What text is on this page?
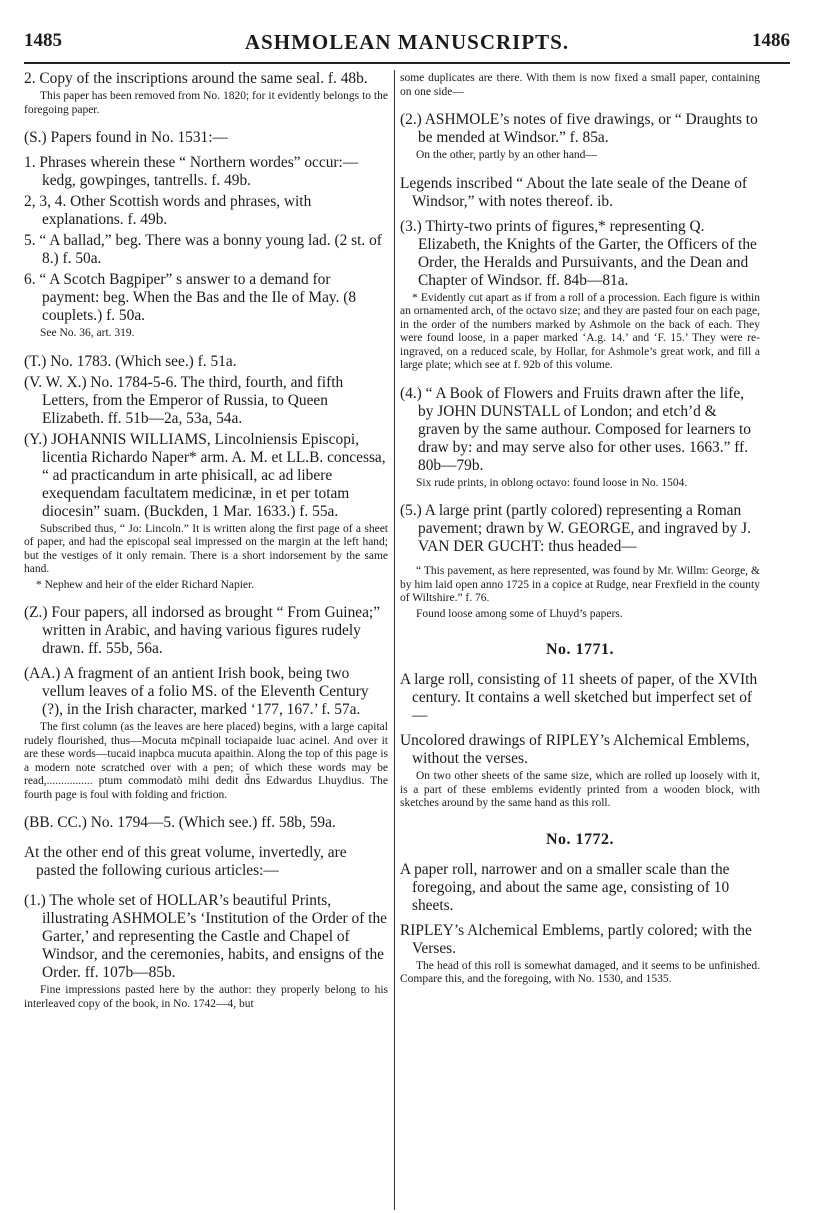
1485	ASHMOLEAN MANUSCRIPTS.	1486

2. Copy of the inscriptions around the same seal. f. 48b.

This paper has been removed from No. 1820; for it evidently belongs to the foregoing paper.

(S.) Papers found in No. 1531:—

1. Phrases wherein these “ Northern wordes” occur:—kedg, gowpinges, tantrells. f. 49b.

2, 3, 4. Other Scottish words and phrases, with explanations. f. 49b.

5. “ A ballad,” beg. There was a bonny young lad. (2 st. of 8.) f. 50a.

6. “ A Scotch Bagpiper” s answer to a demand for payment: beg. When the Bas and the Ile of May. (8 couplets.) f. 50a.

See No. 36, art. 319.

(T.) No. 1783. (Which see.) f. 51a.

(V. W. X.) No. 1784-5-6. The third, fourth, and fifth Letters, from the Emperor of Russia, to Queen Elizabeth. ff. 51b—2a, 53a, 54a.

(Y.) JOHANNIS WILLIAMS, Lincolniensis Episcopi, licentia Richardo Naper* arm. A. M. et LL.B. concessa, “ ad practicandum in arte phisicall, ac ad libere exequendam facultatem medicinæ, in et per totam diocesin” suam. (Buckden, 1 Mar. 1633.) f. 55a.

Subscribed thus, “ Jo: Lincoln.” It is written along the first page of a sheet of paper, and had the episcopal seal impressed on the margin at the left hand; but the vestiges of it only remain. There is a short indorsement by the same hand.

* Nephew and heir of the elder Richard Napier.

(Z.) Four papers, all indorsed as brought “ From Guinea;” written in Arabic, and having various figures rudely drawn. ff. 55b, 56a.

(AA.) A fragment of an antient Irish book, being two vellum leaves of a folio MS. of the Eleventh Century (?), in the Irish character, marked ‘177, 167.’ f. 57a.

The first column (as the leaves are here placed) begins, with a large capital rudely flourished, thus—Mocuta mc̄pinall tociapaide luac acinel. And over it are these words—tucaid inapbca mucuta apaithin. Along the top of this page is a modern note scratched over with a pen; of which these words may be read,................ ptum commodatò mihi dedit d̃ns Edwardus Lhuydius. The fourth page is foul with folding and friction.

(BB. CC.) No. 1794—5. (Which see.) ff. 58b, 59a.

At the other end of this great volume, invertedly, are pasted the following curious articles:—

(1.) The whole set of HOLLAR’s beautiful Prints, illustrating ASHMOLE’s ‘Institution of the Order of the Garter,’ and representing the Castle and Chapel of Windsor, and the ceremonies, habits, and ensigns of the Order. ff. 107b—85b.

Fine impressions pasted here by the author: they properly belong to his interleaved copy of the book, in No. 1742—4, but

some duplicates are there. With them is now fixed a small paper, containing on one side—

(2.) ASHMOLE’s notes of five drawings, or “ Draughts to be mended at Windsor.” f. 85a.

On the other, partly by an other hand—

Legends inscribed “ About the late seale of the Deane of Windsor,” with notes thereof. ib.

(3.) Thirty-two prints of figures,* representing Q. Elizabeth, the Knights of the Garter, the Officers of the Order, the Heralds and Pursuivants, and the Dean and Chapter of Windsor. ff. 84b—81a.

* Evidently cut apart as if from a roll of a procession. Each figure is within an ornamented arch, of the octavo size; and they are pasted four on each page, in the order of the numbers marked by Ashmole on the back of each. They were found loose, in a paper marked ‘A.g. 14.’ and ‘F. 15.’ They were re-ingraved, on a reduced scale, by Hollar, for Ashmole’s great work, and fill a large plate; which see at f. 92b of this volume.

(4.) “ A Book of Flowers and Fruits drawn after the life, by JOHN DUNSTALL of London; and etch’d & graven by the same authour. Composed for learners to draw by: and may serve also for other uses. 1663.” ff. 80b—79b.

Six rude prints, in oblong octavo: found loose in No. 1504.

(5.) A large print (partly colored) representing a Roman pavement; drawn by W. GEORGE, and ingraved by J. VAN DER GUCHT: thus headed—

“ This pavement, as here represented, was found by Mr. Willm: George, & by him laid open anno 1725 in a copice at Rudge, near Frexfield in the county of Wiltshire.” f. 76.

Found loose among some of Lhuyd’s papers.

No. 1771.

A large roll, consisting of 11 sheets of paper, of the XVIth century. It contains a well sketched but imperfect set of—

Uncolored drawings of RIPLEY’s Alchemical Emblems, without the verses.

On two other sheets of the same size, which are rolled up loosely with it, is a part of these emblems evidently printed from a wooden block, with sketches around by the same hand as this roll.

No. 1772.

A paper roll, narrower and on a smaller scale than the foregoing, and about the same age, consisting of 10 sheets.

RIPLEY’s Alchemical Emblems, partly colored; with the Verses.

The head of this roll is somewhat damaged, and it seems to be unfinished. Compare this, and the foregoing, with No. 1530, and 1535.
